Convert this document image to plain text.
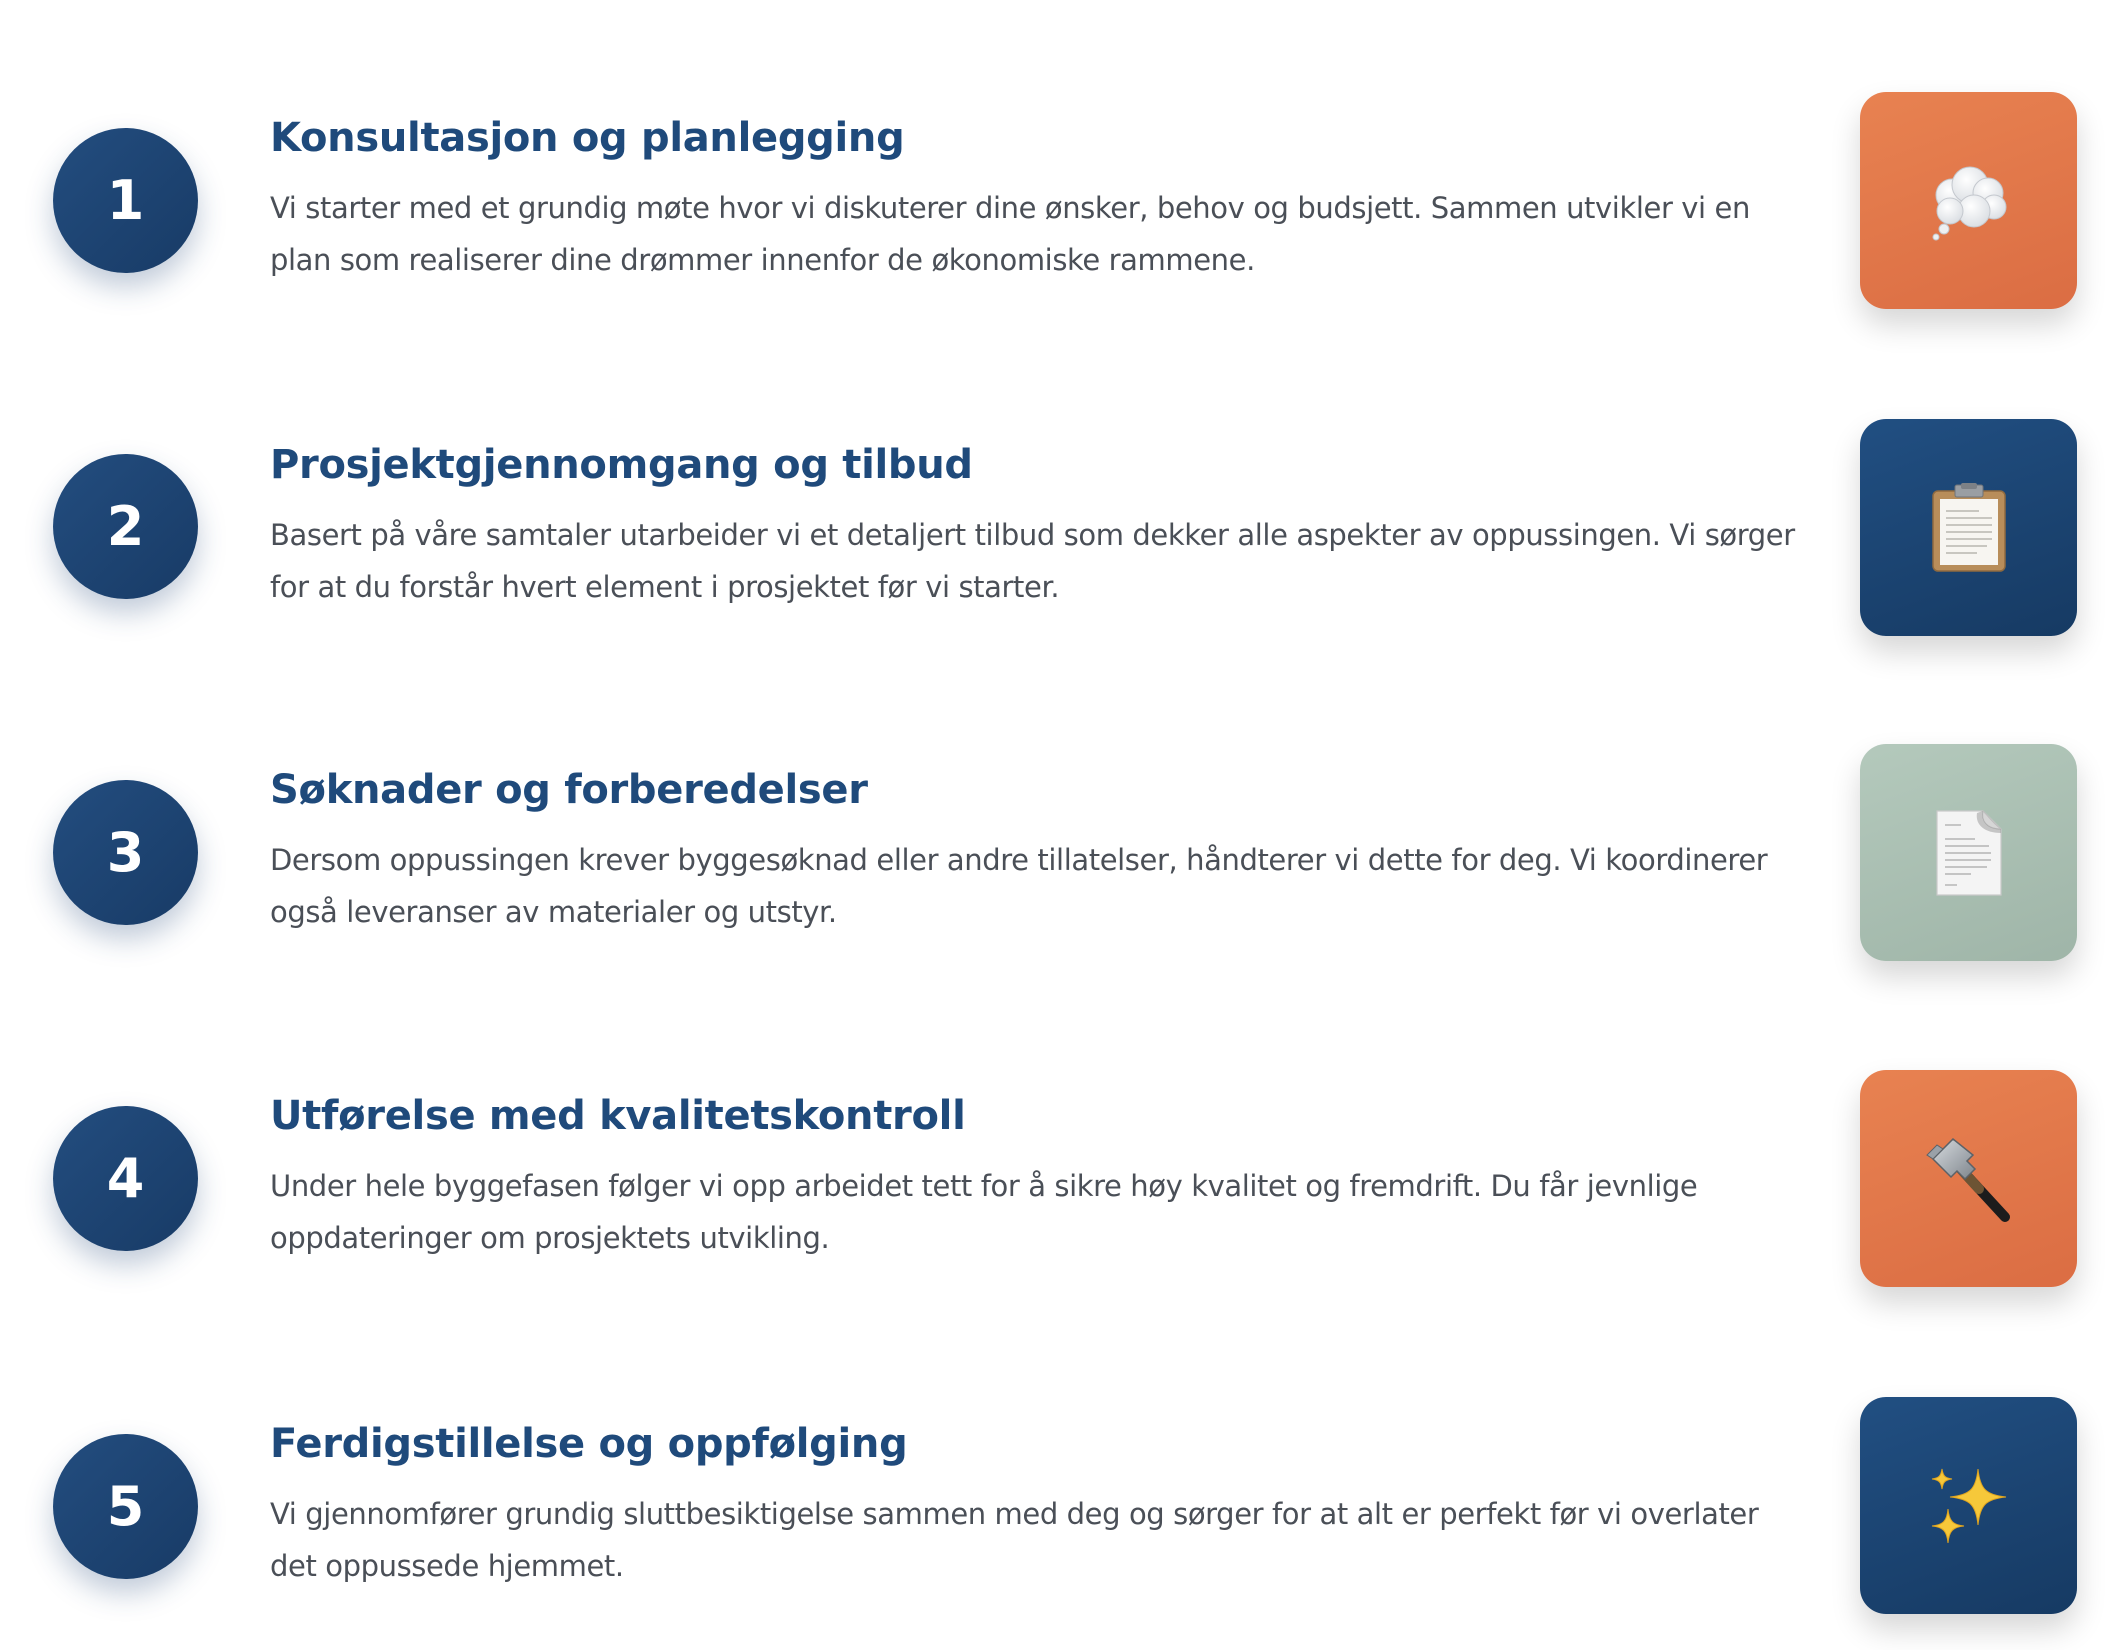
1
Konsultasjon og planlegging

Vi starter med et grundig møte hvor vi diskuterer dine ønsker, behov og budsjett. Sammen utvikler vi en plan som realiserer dine drømmer innenfor de økonomiske rammene.

2
Prosjektgjennomgang og tilbud

Basert på våre samtaler utarbeider vi et detaljert tilbud som dekker alle aspekter av oppussingen. Vi sørger for at du forstår hvert element i prosjektet før vi starter.

3
Søknader og forberedelser

Dersom oppussingen krever byggesøknad eller andre tillatelser, håndterer vi dette for deg. Vi koordinerer også leveranser av materialer og utstyr.

4
Utførelse med kvalitetskontroll

Under hele byggefasen følger vi opp arbeidet tett for å sikre høy kvalitet og fremdrift. Du får jevnlige oppdateringer om prosjektets utvikling.

5
Ferdigstillelse og oppfølging

Vi gjennomfører grundig sluttbesiktigelse sammen med deg og sørger for at alt er perfekt før vi overlater det oppussede hjemmet.
